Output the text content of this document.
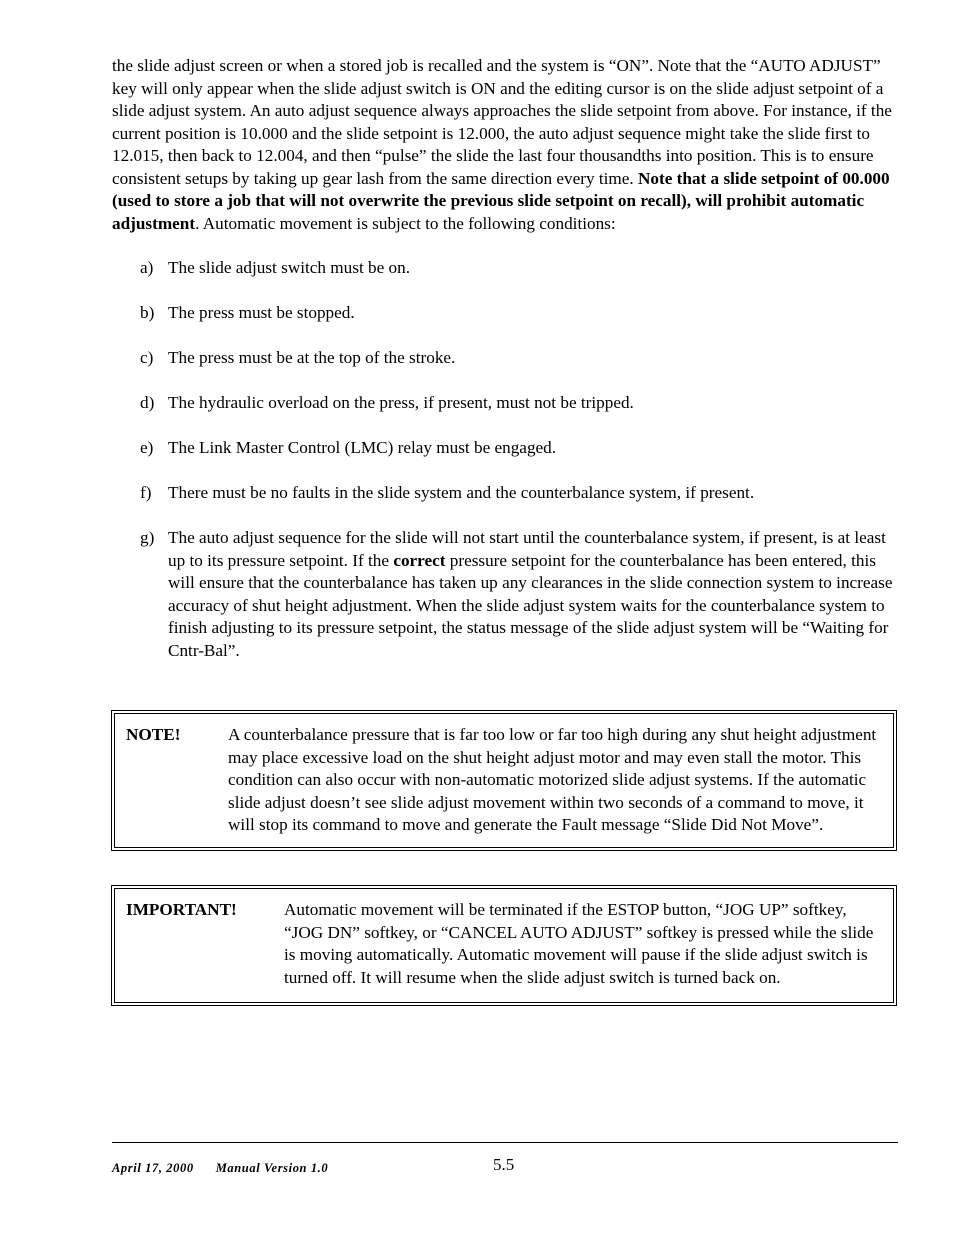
the slide adjust screen or when a stored job is recalled and the system is “ON”. Note that the “AUTO ADJUST” key will only appear when the slide adjust switch is ON and the editing cursor is on the slide adjust setpoint of a slide adjust system. An auto adjust sequence always approaches the slide setpoint from above. For instance, if the current position is 10.000 and the slide setpoint is 12.000, the auto adjust sequence might take the slide first to 12.015, then back to 12.004, and then “pulse” the slide the last four thousandths into position. This is to ensure consistent setups by taking up gear lash from the same direction every time. Note that a slide setpoint of 00.000 (used to store a job that will not overwrite the previous slide setpoint on recall), will prohibit automatic adjustment. Automatic movement is subject to the following conditions:

a) The slide adjust switch must be on.
b) The press must be stopped.
c) The press must be at the top of the stroke.
d) The hydraulic overload on the press, if present, must not be tripped.
e) The Link Master Control (LMC) relay must be engaged.
f) There must be no faults in the slide system and the counterbalance system, if present.
g) The auto adjust sequence for the slide will not start until the counterbalance system, if present, is at least up to its pressure setpoint. If the correct pressure setpoint for the counterbalance has been entered, this will ensure that the counterbalance has taken up any clearances in the slide connection system to increase accuracy of shut height adjustment. When the slide adjust system waits for the counterbalance system to finish adjusting to its pressure setpoint, the status message of the slide adjust system will be “Waiting for Cntr-Bal”.
NOTE!	A counterbalance pressure that is far too low or far too high during any shut height adjustment may place excessive load on the shut height adjust motor and may even stall the motor. This condition can also occur with non-automatic motorized slide adjust systems. If the automatic slide adjust doesn’t see slide adjust movement within two seconds of a command to move, it will stop its command to move and generate the Fault message “Slide Did Not Move”.
IMPORTANT!	Automatic movement will be terminated if the ESTOP button, “JOG UP” softkey, “JOG DN” softkey, or “CANCEL AUTO ADJUST” softkey is pressed while the slide is moving automatically. Automatic movement will pause if the slide adjust switch is turned off. It will resume when the slide adjust switch is turned back on.
April 17, 2000 Manual Version 1.0	5.5
